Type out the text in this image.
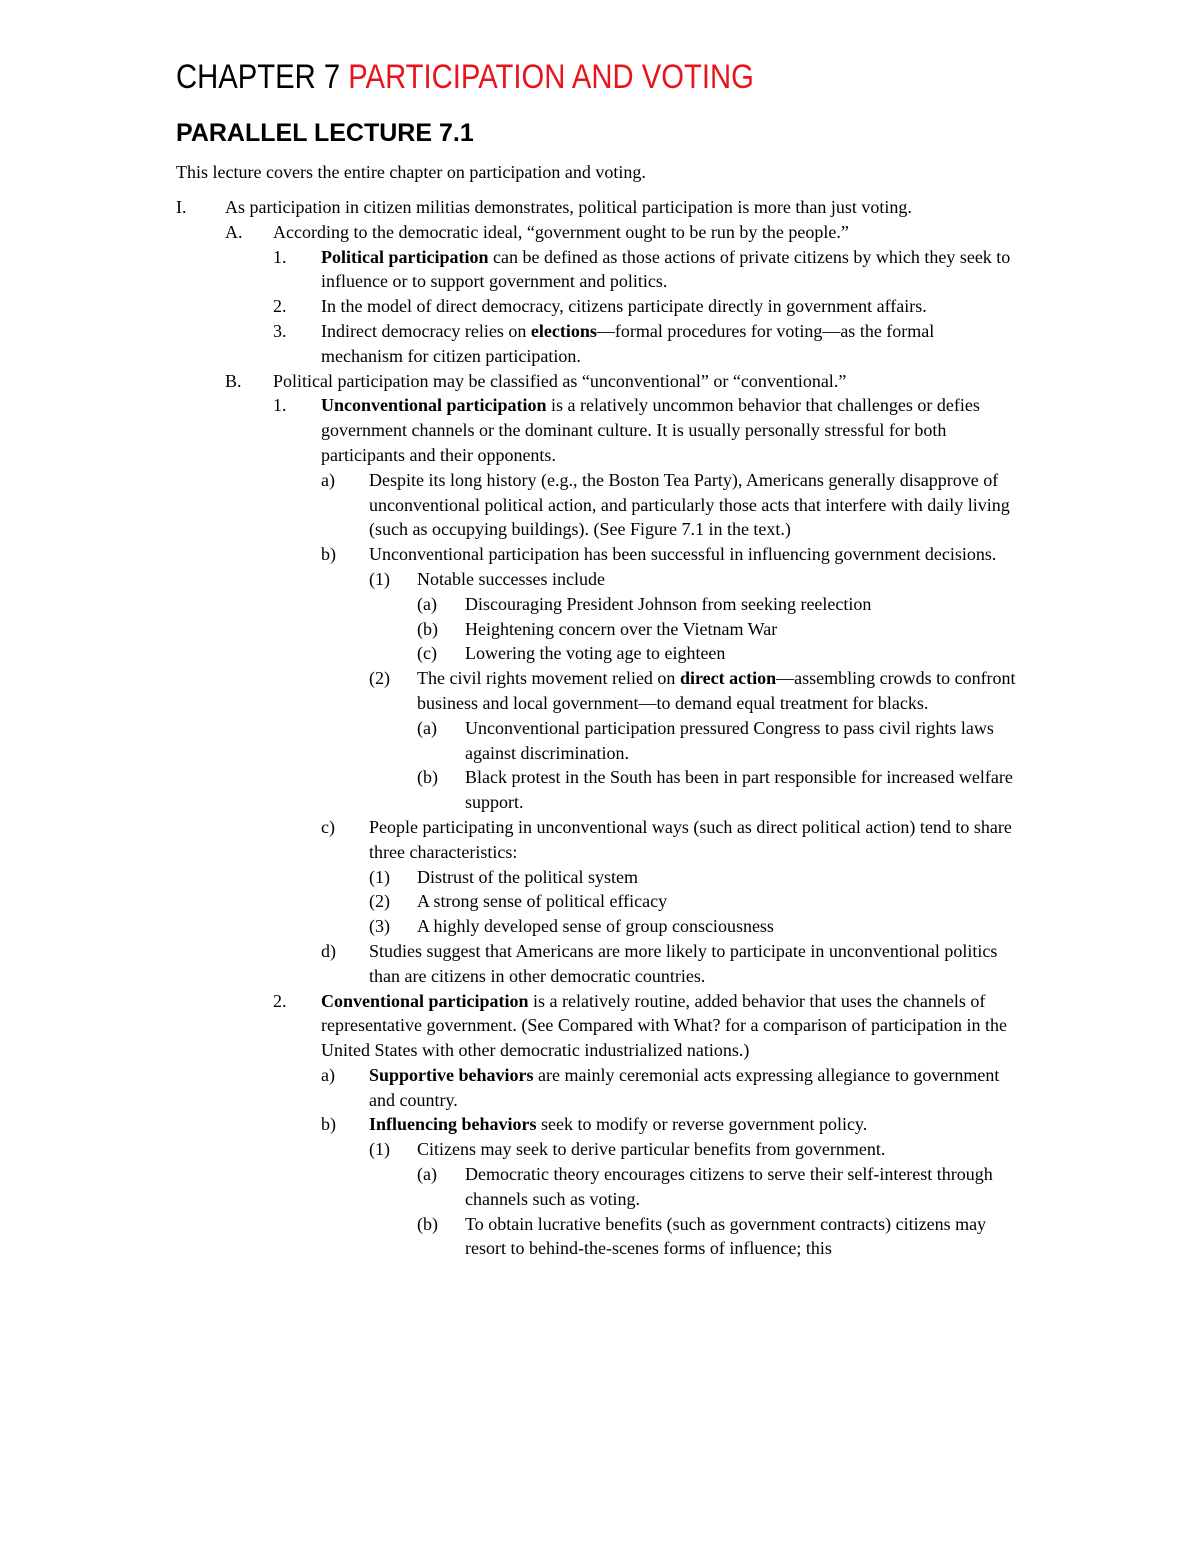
CHAPTER 7 PARTICIPATION AND VOTING
PARALLEL LECTURE 7.1
This lecture covers the entire chapter on participation and voting.
I. As participation in citizen militias demonstrates, political participation is more than just voting.
A. According to the democratic ideal, “government ought to be run by the people.”
1. Political participation can be defined as those actions of private citizens by which they seek to influence or to support government and politics.
2. In the model of direct democracy, citizens participate directly in government affairs.
3. Indirect democracy relies on elections—formal procedures for voting—as the formal mechanism for citizen participation.
B. Political participation may be classified as “unconventional” or “conventional.”
1. Unconventional participation is a relatively uncommon behavior that challenges or defies government channels or the dominant culture. It is usually personally stressful for both participants and their opponents.
a) Despite its long history (e.g., the Boston Tea Party), Americans generally disapprove of unconventional political action, and particularly those acts that interfere with daily living (such as occupying buildings). (See Figure 7.1 in the text.)
b) Unconventional participation has been successful in influencing government decisions.
(1) Notable successes include
(a) Discouraging President Johnson from seeking reelection
(b) Heightening concern over the Vietnam War
(c) Lowering the voting age to eighteen
(2) The civil rights movement relied on direct action—assembling crowds to confront business and local government—to demand equal treatment for blacks.
(a) Unconventional participation pressured Congress to pass civil rights laws against discrimination.
(b) Black protest in the South has been in part responsible for increased welfare support.
c) People participating in unconventional ways (such as direct political action) tend to share three characteristics:
(1) Distrust of the political system
(2) A strong sense of political efficacy
(3) A highly developed sense of group consciousness
d) Studies suggest that Americans are more likely to participate in unconventional politics than are citizens in other democratic countries.
2. Conventional participation is a relatively routine, added behavior that uses the channels of representative government. (See Compared with What? for a comparison of participation in the United States with other democratic industrialized nations.)
a) Supportive behaviors are mainly ceremonial acts expressing allegiance to government and country.
b) Influencing behaviors seek to modify or reverse government policy.
(1) Citizens may seek to derive particular benefits from government.
(a) Democratic theory encourages citizens to serve their self-interest through channels such as voting.
(b) To obtain lucrative benefits (such as government contracts) citizens may resort to behind-the-scenes forms of influence; this
